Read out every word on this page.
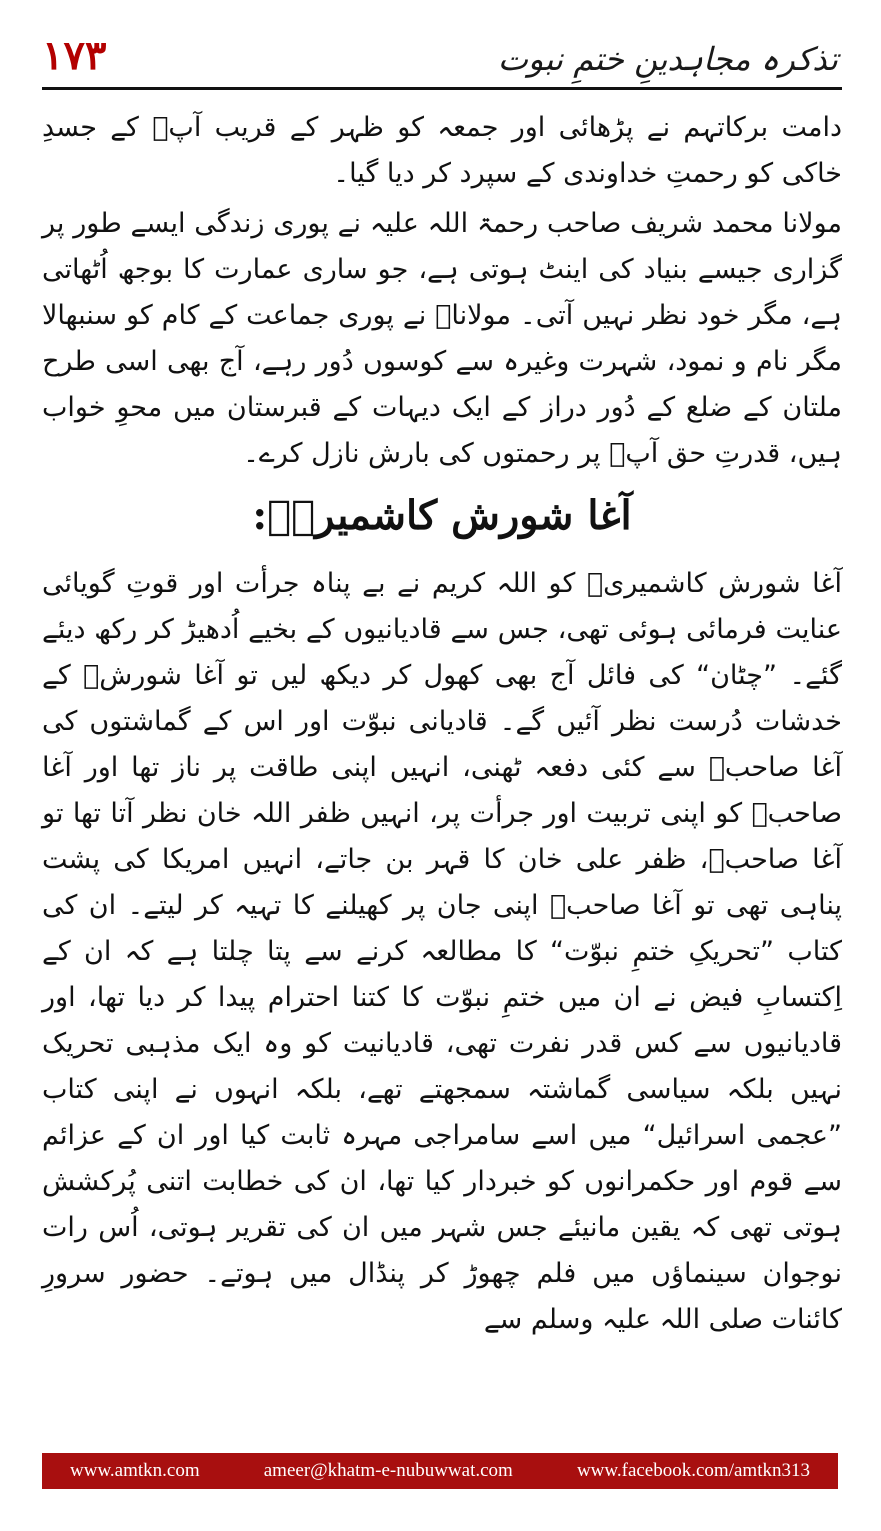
۱۷۳	تذکرہ مجاہدینِ ختمِ نبوت

دامت برکاتہم نے پڑھائی اور جمعہ کو ظہر کے قریب آپؒ کے جسدِ خاکی کو رحمتِ خداوندی کے سپرد کر دیا گیا۔

مولانا محمد شریف صاحب رحمۃ اللہ علیہ نے پوری زندگی ایسے طور پر گزاری جیسے بنیاد کی اینٹ ہوتی ہے، جو ساری عمارت کا بوجھ اُٹھاتی ہے، مگر خود نظر نہیں آتی۔ مولاناؒ نے پوری جماعت کے کام کو سنبھالا مگر نام و نمود، شہرت وغیرہ سے کوسوں دُور رہے، آج بھی اسی طرح ملتان کے ضلع کے دُور دراز کے ایک دیہات کے قبرستان میں محوِ خواب ہیں، قدرتِ حق آپؒ پر رحمتوں کی بارش نازل کرے۔

آغا شورش کاشمیریؒ:

آغا شورش کاشمیریؒ کو اللہ کریم نے بے پناہ جرأت اور قوتِ گویائی عنایت فرمائی ہوئی تھی، جس سے قادیانیوں کے بخیے اُدھیڑ کر رکھ دیئے گئے۔ ”چٹان“ کی فائل آج بھی کھول کر دیکھ لیں تو آغا شورشؒ کے خدشات دُرست نظر آئیں گے۔ قادیانی نبوّت اور اس کے گماشتوں کی آغا صاحبؒ سے کئی دفعہ ٹھنی، انہیں اپنی طاقت پر ناز تھا اور آغا صاحبؒ کو اپنی تربیت اور جرأت پر، انہیں ظفر اللہ خان نظر آتا تھا تو آغا صاحبؒ، ظفر علی خان کا قہر بن جاتے، انہیں امریکا کی پشت پناہی تھی تو آغا صاحبؒ اپنی جان پر کھیلنے کا تہیہ کر لیتے۔ ان کی کتاب ”تحریکِ ختمِ نبوّت“ کا مطالعہ کرنے سے پتا چلتا ہے کہ ان کے اِکتسابِ فیض نے ان میں ختمِ نبوّت کا کتنا احترام پیدا کر دیا تھا، اور قادیانیوں سے کس قدر نفرت تھی، قادیانیت کو وہ ایک مذہبی تحریک نہیں بلکہ سیاسی گماشتہ سمجھتے تھے، بلکہ انہوں نے اپنی کتاب ”عجمی اسرائیل“ میں اسے سامراجی مہرہ ثابت کیا اور ان کے عزائم سے قوم اور حکمرانوں کو خبردار کیا تھا، ان کی خطابت اتنی پُرکشش ہوتی تھی کہ یقین مانیئے جس شہر میں ان کی تقریر ہوتی، اُس رات نوجوان سینماؤں میں فلم چھوڑ کر پنڈال میں ہوتے۔ حضور سرورِ کائنات صلی اللہ علیہ وسلم سے

www.amtkn.com	ameer@khatm-e-nubuwwat.com	www.facebook.com/amtkn313
